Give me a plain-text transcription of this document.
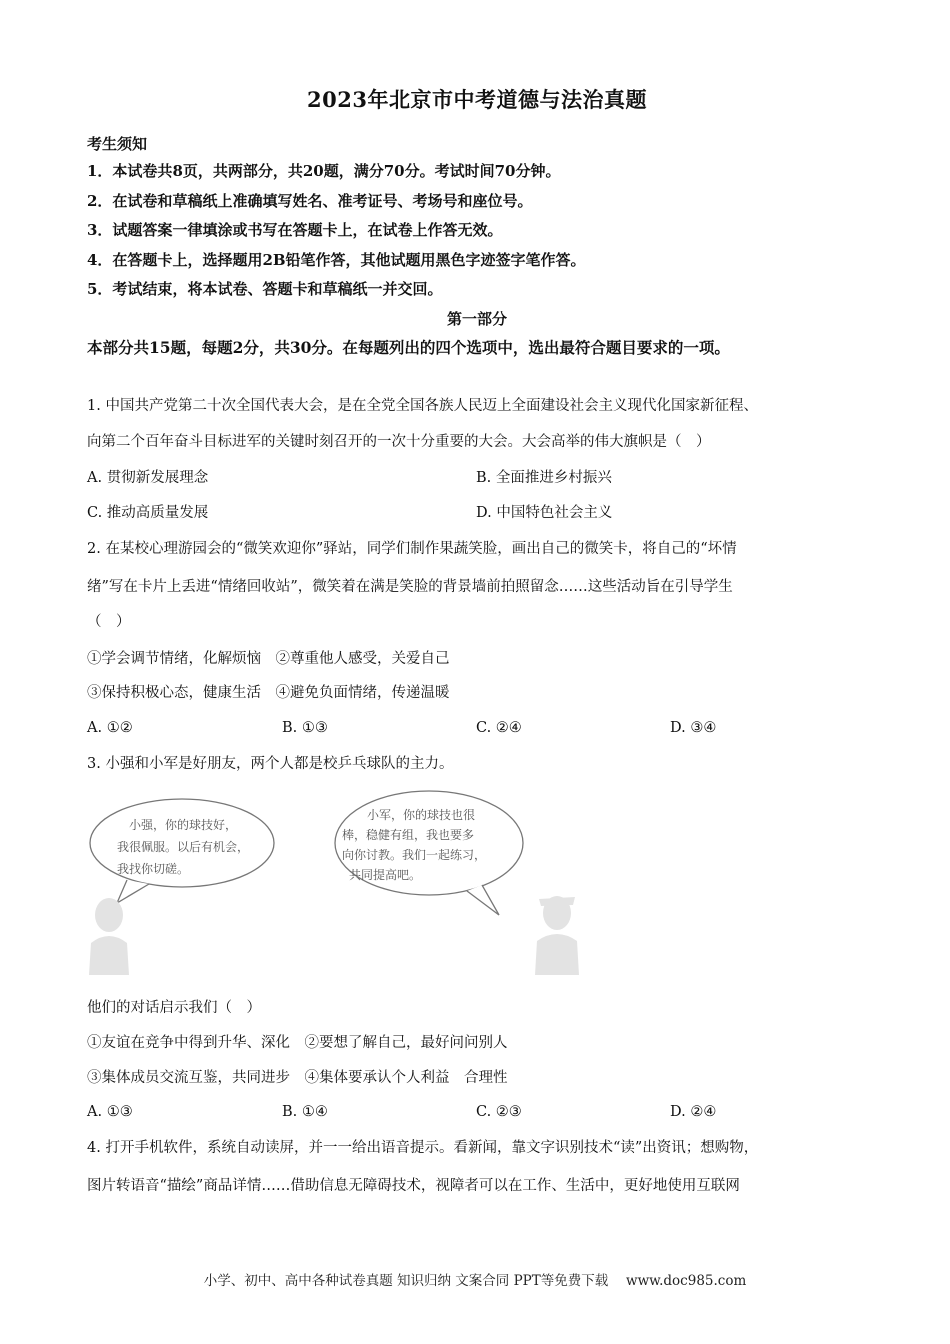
2023年北京市中考道德与法治真题
考生须知
1．本试卷共8页，共两部分，共20题，满分70分。考试时间70分钟。
2．在试卷和草稿纸上准确填写姓名、准考证号、考场号和座位号。
3．试题答案一律填涂或书写在答题卡上，在试卷上作答无效。
4．在答题卡上，选择题用2B铅笔作答，其他试题用黑色字迹签字笔作答。
5．考试结束，将本试卷、答题卡和草稿纸一并交回。
第一部分
本部分共15题，每题2分，共30分。在每题列出的四个选项中，选出最符合题目要求的一项。
1. 中国共产党第二十次全国代表大会，是在全党全国各族人民迈上全面建设社会主义现代化国家新征程、
向第二个百年奋斗目标进军的关键时刻召开的一次十分重要的大会。大会高举的伟大旗帜是（　）
A. 贯彻新发展理念	B. 全面推进乡村振兴
C. 推动高质量发展	D. 中国特色社会主义
2. 在某校心理游园会的“微笑欢迎你”驿站，同学们制作果蔬笑脸，画出自己的微笑卡，将自己的“坏情
绪”写在卡片上丢进“情绪回收站”，微笑着在满是笑脸的背景墙前拍照留念……这些活动旨在引导学生
（　）
①学会调节情绪，化解烦恼　②尊重他人感受，关爱自己
③保持积极心态，健康生活　④避免负面情绪，传递温暖
A. ①②	B. ①③	C. ②④	D. ③④
3. 小强和小军是好朋友，两个人都是校乒乓球队的主力。
小强，你的球技好，
我很佩服。以后有机会，
我找你切磋。
小军，你的球技也很
棒，稳健有组，我也要多
向你讨教。我们一起练习，
共同提高吧。
他们的对话启示我们（　）
①友谊在竞争中得到升华、深化　②要想了解自己，最好问问别人
③集体成员交流互鉴，共同进步　④集体要承认个人利益　合理性
A. ①③	B. ①④	C. ②③	D. ②④
4. 打开手机软件，系统自动读屏，并一一给出语音提示。看新闻，靠文字识别技术“读”出资讯；想购物，
图片转语音“描绘”商品详情……借助信息无障碍技术，视障者可以在工作、生活中，更好地使用互联网
小学、初中、高中各种试卷真题 知识归纳 文案合同 PPT等免费下载　 www.doc985.com
